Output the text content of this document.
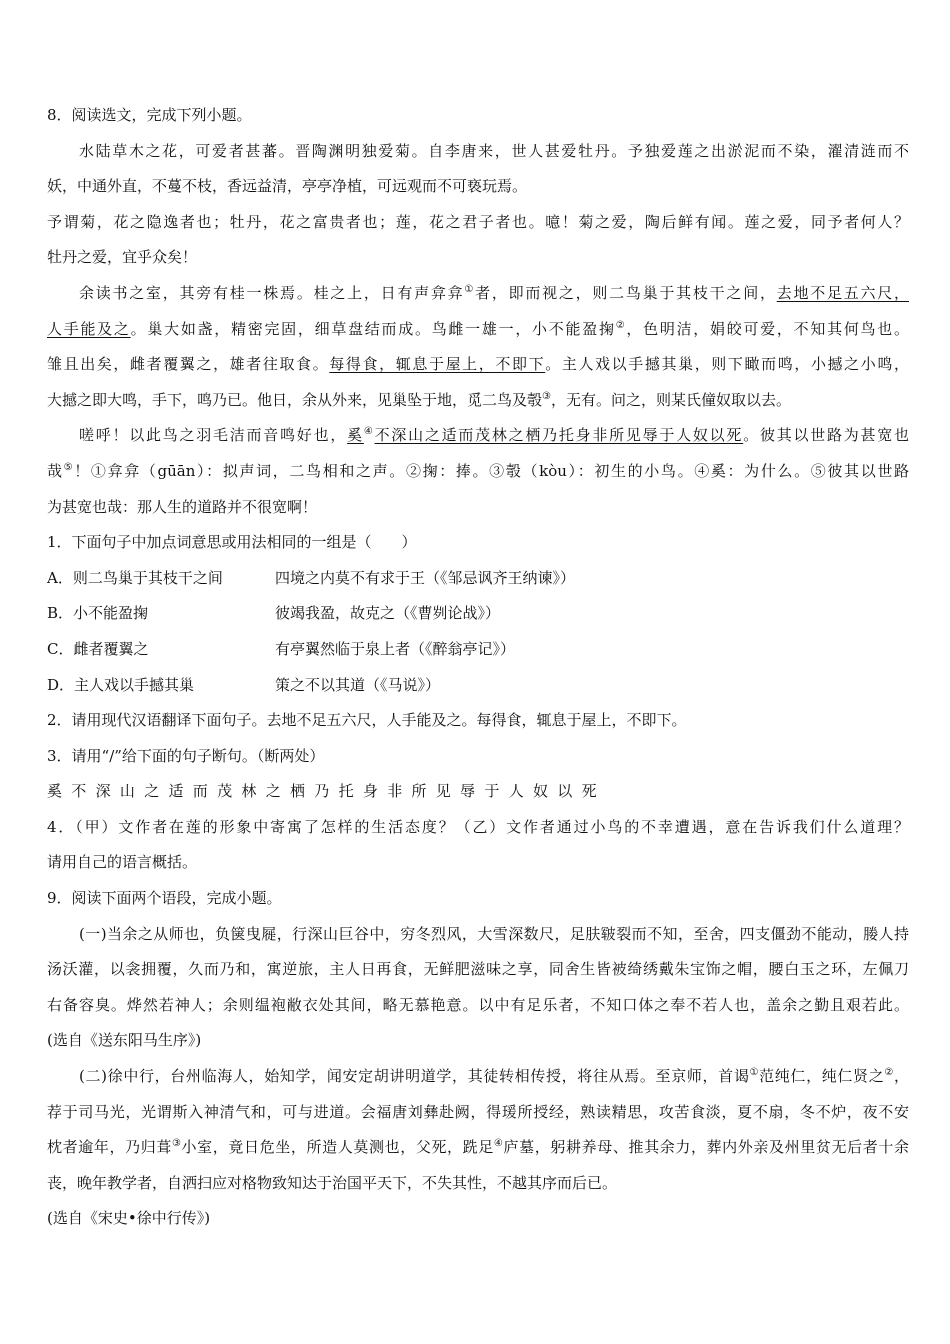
8．阅读选文，完成下列小题。
水陆草木之花，可爱者甚蕃。晋陶渊明独爱菊。自李唐来，世人甚爱牡丹。予独爱莲之出淤泥而不染，濯清涟而不
妖，中通外直，不蔓不枝，香远益清，亭亭净植，可远观而不可亵玩焉。
予谓菊，花之隐逸者也；牡丹，花之富贵者也；莲，花之君子者也。噫！菊之爱，陶后鲜有闻。莲之爱，同予者何人？
牡丹之爱，宜乎众矣！
余读书之室，其旁有桂一株焉。桂之上，日有声弇弇①者，即而视之，则二鸟巢于其枝干之间，去地不足五六尺，
人手能及之。巢大如盏，精密完固，细草盘结而成。鸟雌一雄一，小不能盈掬②，色明洁，娟皎可爱，不知其何鸟也。
雏且出矣，雌者覆翼之，雄者往取食。每得食，辄息于屋上，不即下。主人戏以手撼其巢，则下瞰而鸣，小撼之小鸣，
大撼之即大鸣，手下，鸣乃已。他日，余从外来，见巢坠于地，觅二鸟及彀③，无有。问之，则某氏僮奴取以去。
嗟呼！以此鸟之羽毛洁而音鸣好也，奚④不深山之适而茂林之栖乃托身非所见辱于人奴以死。彼其以世路为甚宽也
哉⑤！①弇弇（gūān）：拟声词，二鸟相和之声。②掬：捧。③彀（kòu）：初生的小鸟。④奚：为什么。⑤彼其以世路
为甚宽也哉：那人生的道路并不很宽啊！
1．下面句子中加点词意思或用法相同的一组是（　　）
A．则二鸟巢于其枝干之间	四境之内莫不有求于王（《邹忌讽齐王纳谏》）
B．小不能盈掬	彼竭我盈，故克之（《曹刿论战》）
C．雌者覆翼之	有亭翼然临于泉上者（《醉翁亭记》）
D．主人戏以手撼其巢	策之不以其道（《马说》）
2．请用现代汉语翻译下面句子。去地不足五六尺，人手能及之。每得食，辄息于屋上，不即下。
3．请用“/”给下面的句子断句。（断两处）
奚不深山之适而茂林之栖乃托身非所见辱于人奴以死
4．（甲）文作者在莲的形象中寄寓了怎样的生活态度？（乙）文作者通过小鸟的不幸遭遇，意在告诉我们什么道理？
请用自己的语言概括。
9．阅读下面两个语段，完成小题。
(一)当余之从师也，负箧曳屣，行深山巨谷中，穷冬烈风，大雪深数尺，足肤皲裂而不知，至舍，四支僵劲不能动，媵人持
汤沃灌，以衾拥覆，久而乃和，寓逆旅，主人日再食，无鲜肥滋味之享，同舍生皆被绮绣戴朱宝饰之帽，腰白玉之环，左佩刀
右备容臭。烨然若神人；余则缊袍敝衣处其间，略无慕艳意。以中有足乐者，不知口体之奉不若人也，盖余之勤且艰若此。
(选自《送东阳马生序》)
(二)徐中行，台州临海人，始知学，闻安定胡讲明道学，其徒转相传授，将往从焉。至京师，首谒①范纯仁，纯仁贤之②，
荐于司马光，光谓斯入神清气和，可与进道。会福唐刘彝赴阙，得瑗所授经，熟读精思，攻苦食淡，夏不扇，冬不炉，夜不安
枕者逾年，乃归葺③小室，竟日危坐，所造人莫测也，父死，跣足④庐墓，躬耕养母、推其余力，葬内外亲及州里贫无后者十余
丧，晚年教学者，自洒扫应对格物致知达于治国平天下，不失其性，不越其序而后已。
(选自《宋史•徐中行传》)
